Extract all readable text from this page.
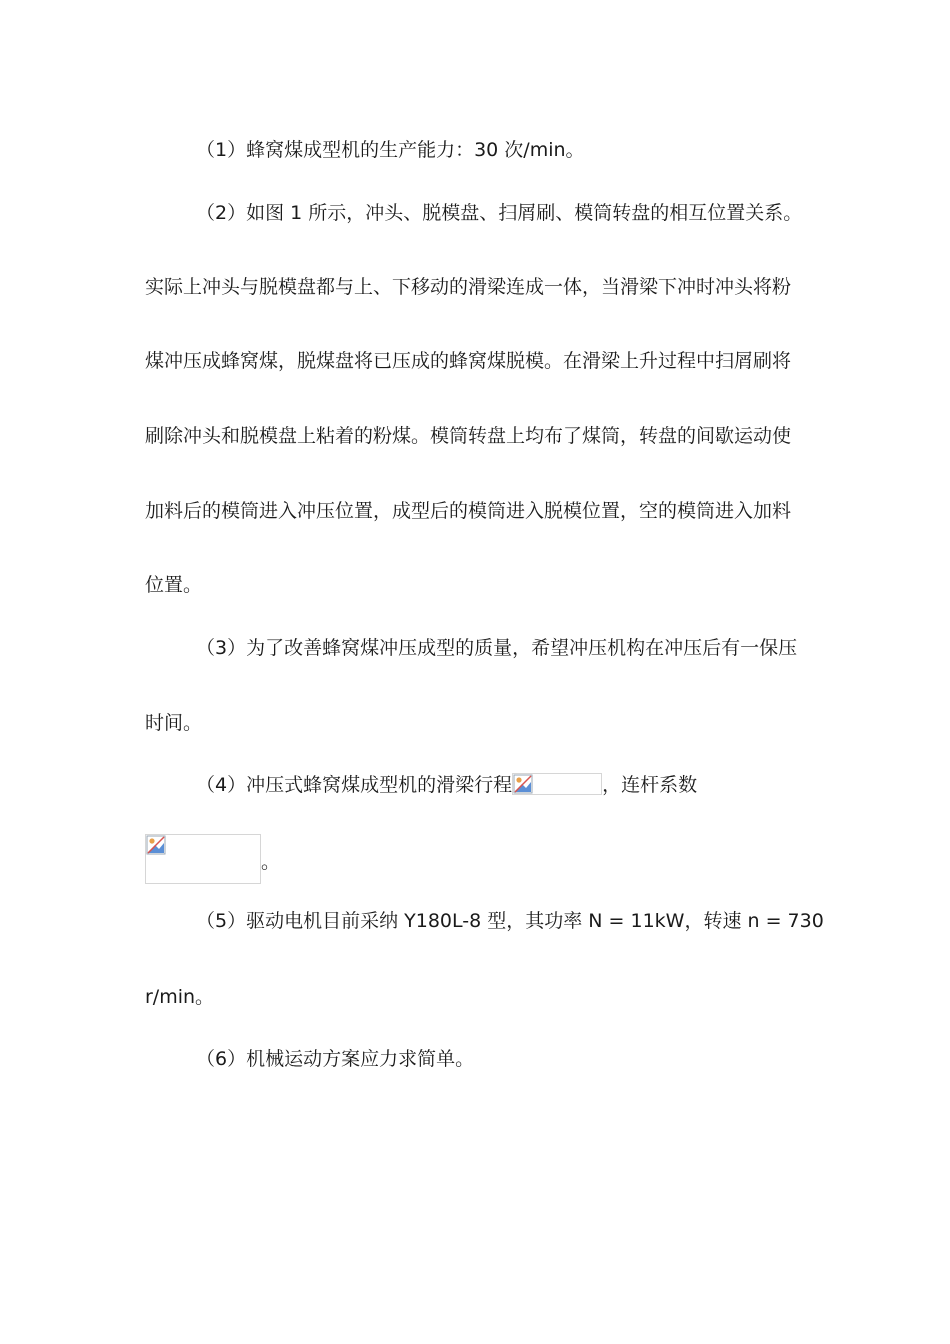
（1）蜂窝煤成型机的生产能力：30 次/min。
（2）如图 1 所示，冲头、脱模盘、扫屑刷、模筒转盘的相互位置关系。
实际上冲头与脱模盘都与上、下移动的滑梁连成一体，当滑梁下冲时冲头将粉
煤冲压成蜂窝煤，脱煤盘将已压成的蜂窝煤脱模。在滑梁上升过程中扫屑刷将
刷除冲头和脱模盘上粘着的粉煤。模筒转盘上均布了煤筒，转盘的间歇运动使
加料后的模筒进入冲压位置，成型后的模筒进入脱模位置，空的模筒进入加料
位置。
（3）为了改善蜂窝煤冲压成型的质量，希望冲压机构在冲压后有一保压
时间。
（4）冲压式蜂窝煤成型机的滑梁行程	，连杆系数
。
（5）驱动电机目前采纳 Y180L-8 型，其功率 N = 11kW，转速 n = 730
r/min。
（6）机械运动方案应力求简单。
